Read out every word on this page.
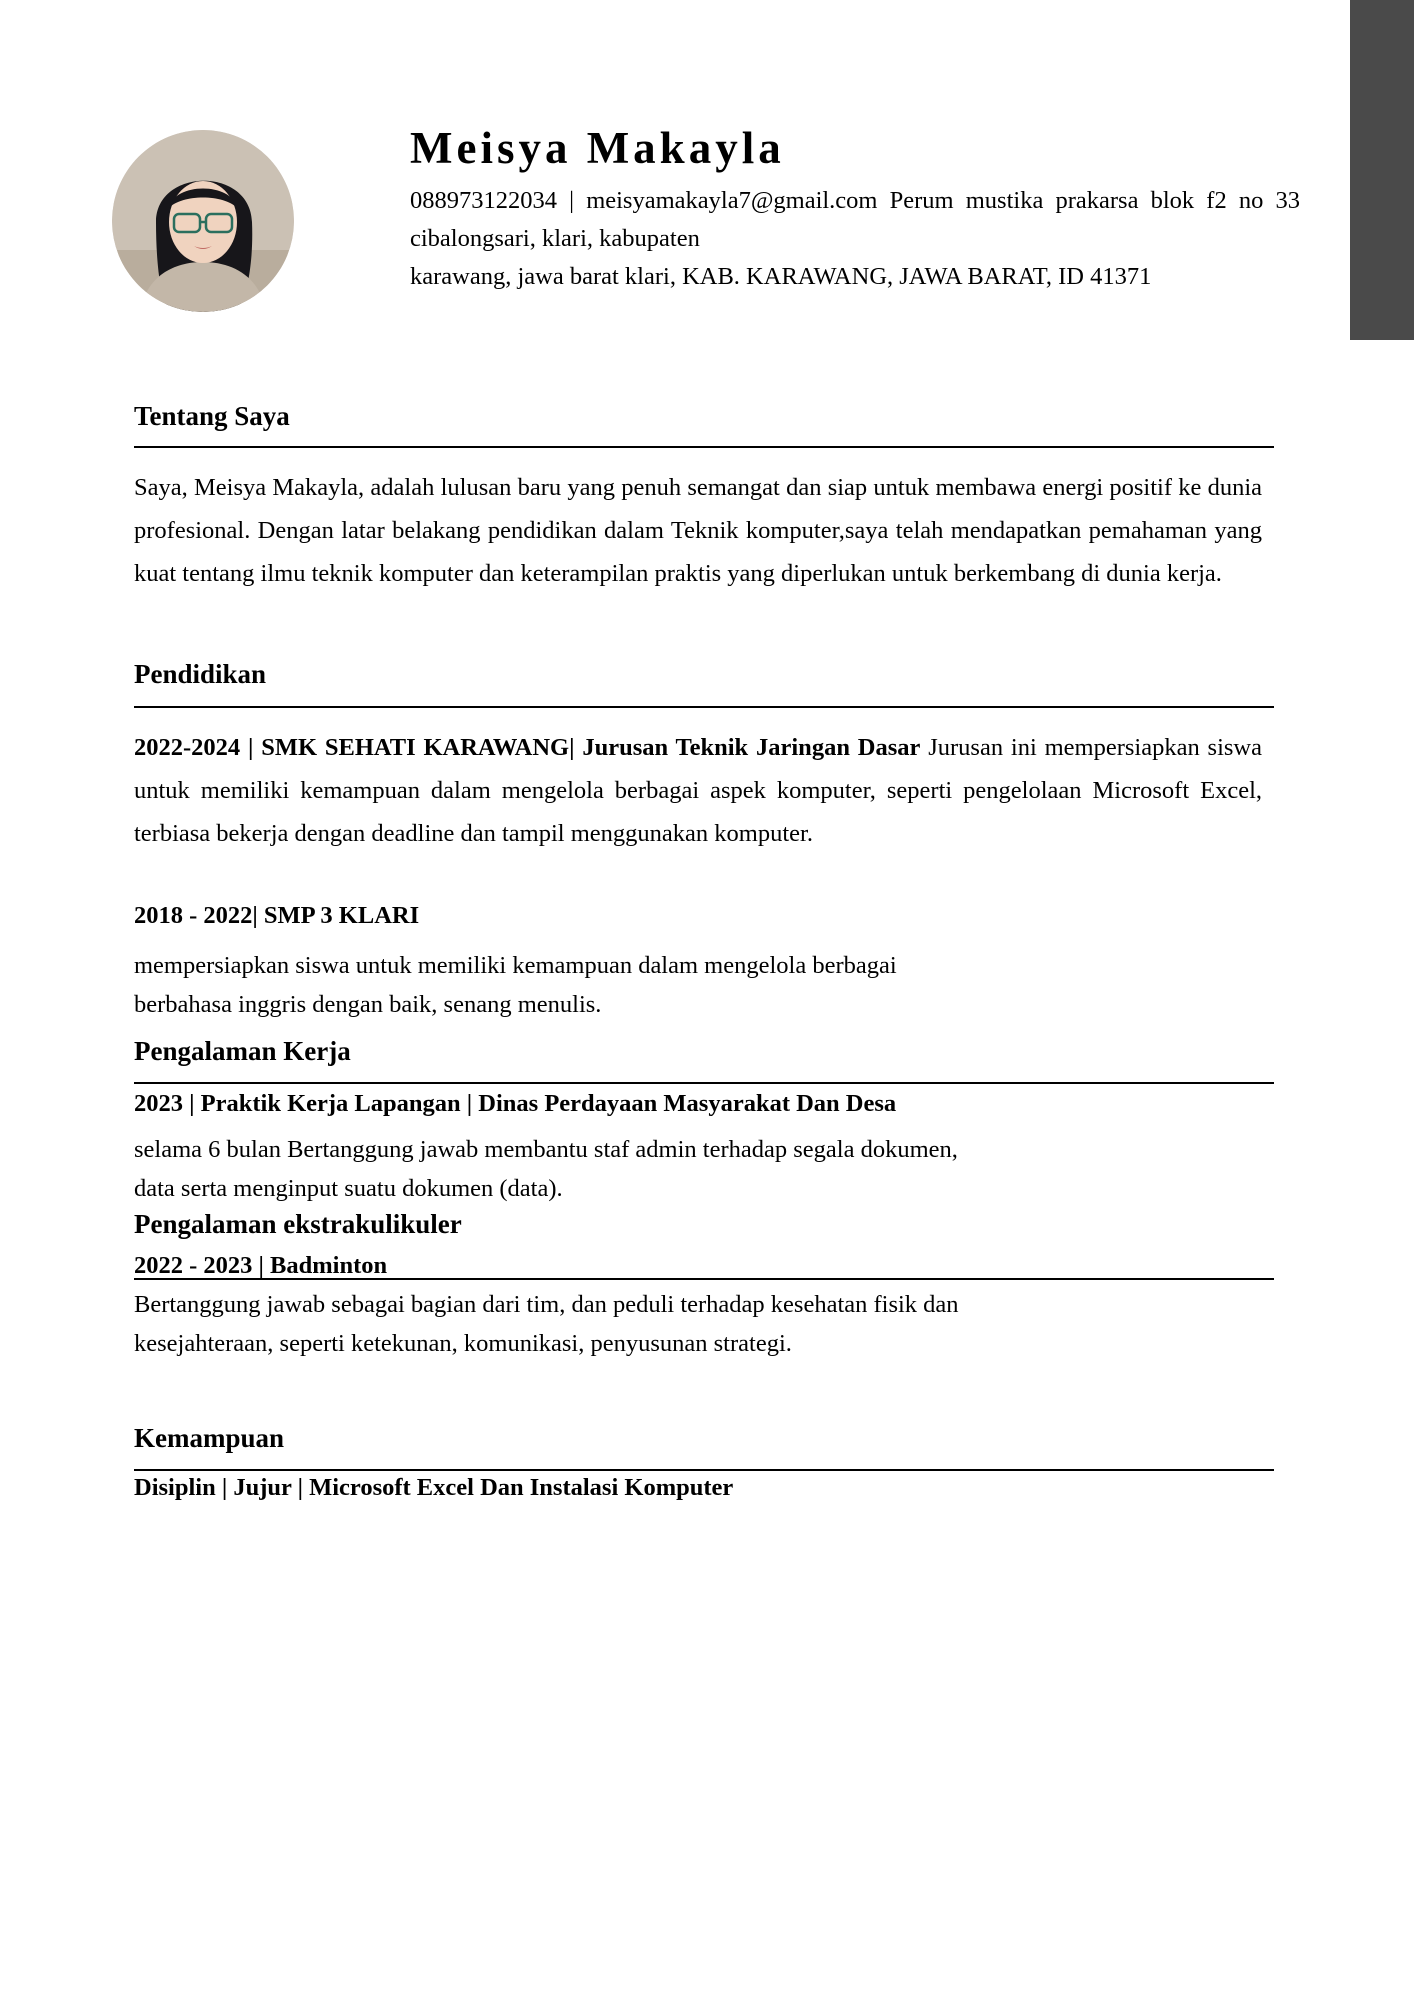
Meisya Makayla

088973122034 | meisyamakayla7@gmail.com Perum mustika prakarsa blok f2 no 33 cibalongsari, klari, kabupaten

karawang, jawa barat klari, KAB. KARAWANG, JAWA BARAT, ID 41371

Tentang Saya

Saya, Meisya Makayla, adalah lulusan baru yang penuh semangat dan siap untuk membawa energi positif ke dunia profesional. Dengan latar belakang pendidikan dalam Teknik komputer,saya telah mendapatkan pemahaman yang kuat tentang ilmu teknik komputer dan keterampilan praktis yang diperlukan untuk berkembang di dunia kerja.

Pendidikan

2022-2024 | SMK SEHATI KARAWANG| Jurusan Teknik Jaringan Dasar Jurusan ini mempersiapkan siswa untuk memiliki kemampuan dalam mengelola berbagai aspek komputer, seperti pengelolaan Microsoft Excel, terbiasa bekerja dengan deadline dan tampil menggunakan komputer.

2018 - 2022| SMP 3 KLARI

mempersiapkan siswa untuk memiliki kemampuan dalam mengelola berbagai

berbahasa inggris dengan baik, senang menulis.

Pengalaman Kerja

2023 | Praktik Kerja Lapangan | Dinas Perdayaan Masyarakat Dan Desa

selama 6 bulan Bertanggung jawab membantu staf admin terhadap segala dokumen,

data serta menginput suatu dokumen (data).

Pengalaman ekstrakulikuler

2022 - 2023 | Badminton

Bertanggung jawab sebagai bagian dari tim, dan peduli terhadap kesehatan fisik dan

kesejahteraan, seperti ketekunan, komunikasi, penyusunan strategi.

Kemampuan

Disiplin | Jujur | Microsoft Excel Dan Instalasi Komputer
